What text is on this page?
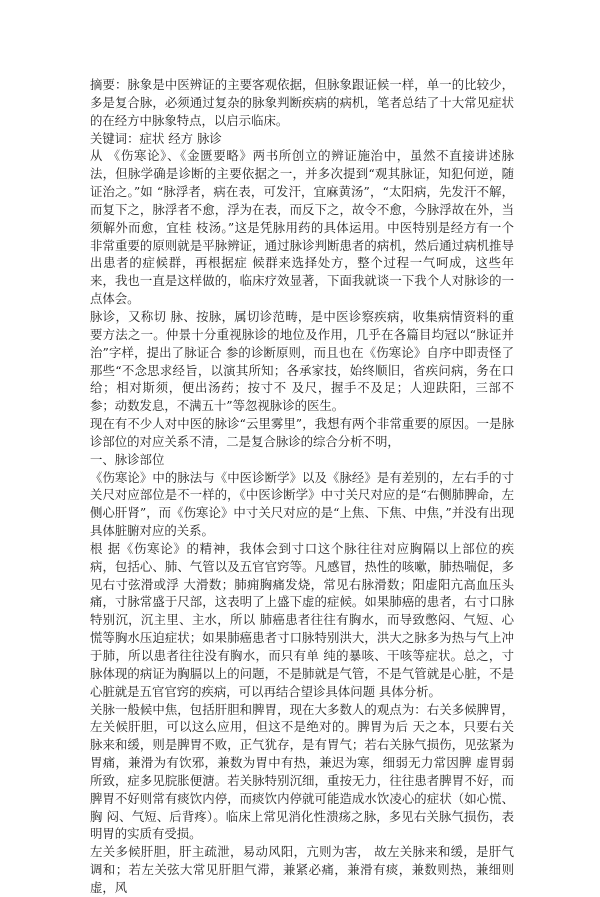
摘要：脉象是中医辨证的主要客观依据，但脉象跟证候一样，单一的比较少，多是复合脉，必须通过复杂的脉象判断疾病的病机，笔者总结了十大常见症状的在经方中脉象特点，以启示临床。

关键词：症状 经方 脉诊

从 《伤寒论》、《金匮要略》两书所创立的辨证施治中，虽然不直接讲述脉法，但脉学确是诊断的主要依据之一，并多次提到“观其脉证，知犯何逆，随证治之。”如 “脉浮者，病在表，可发汗，宜麻黄汤”，“太阳病，先发汗不解，而复下之，脉浮者不愈，浮为在表，而反下之，故令不愈，今脉浮故在外，当须解外而愈，宜桂 枝汤。”这是凭脉用药的具体运用。中医特别是经方有一个非常重要的原则就是平脉辨证，通过脉诊判断患者的病机，然后通过病机推导出患者的症候群，再根据症 候群来选择处方，整个过程一气呵成，这些年来，我也一直是这样做的，临床疗效显著，下面我就谈一下我个人对脉诊的一点体会。

脉诊，又称切 脉、按脉，属切诊范畴，是中医诊察疾病，收集病情资料的重要方法之一。仲景十分重视脉诊的地位及作用，几乎在各篇目均冠以“脉证并治”字样，提出了脉证合 参的诊断原则，而且也在《伤寒论》自序中即责怪了那些“不念思求经旨，以演其所知；各承家技，始终顺旧，省疾问病，务在口给；相对斯须，便出汤药；按寸不 及尺，握手不及足；人迎趺阳，三部不参；动数发息，不满五十”等忽视脉诊的医生。

现在有不少人对中医的脉诊“云里雾里”，我想有两个非常重要的原因。一是脉诊部位的对应关系不清，二是复合脉诊的综合分析不明，

一、脉诊部位

《伤寒论》中的脉法与《中医诊断学》以及《脉经》是有差别的，左右手的寸关尺对应部位是不一样的，《中医诊断学》中寸关尺对应的是“右侧肺脾命，左侧心肝肾”，而《伤寒论》中寸关尺对应的是“上焦、下焦、中焦，”并没有出现具体脏腑对应的关系。

根 据《伤寒论》的精神，我体会到寸口这个脉往往对应胸隔以上部位的疾病，包括心、肺、气管以及五官官窍等。凡感冒，热性的咳嗽，肺热喘促，多见右寸弦滑或浮 大滑数；肺痈胸痛发烧，常见右脉滑数；阳虚阳亢高血压头痛，寸脉常盛于尺部，这表明了上盛下虚的症候。如果肺癌的患者，右寸口脉特别沉，沉主里、主水，所以 肺癌患者往往有胸水，而导致憋闷、气短、心慌等胸水压迫症状；如果肺癌患者寸口脉特别洪大，洪大之脉多为热与气上冲于肺，所以患者往往没有胸水，而只有单 纯的暴咳、干咳等症状。总之，寸脉体现的病证为胸膈以上的问题，不是肺就是气管，不是气管就是心脏，不是心脏就是五官官窍的疾病，可以再结合望诊具体问题 具体分析。

关脉一般候中焦，包括肝胆和脾胃，现在大多数人的观点为：右关多候脾胃，左关候肝胆，可以这么应用，但这不是绝对的。脾胃为后 天之本，只要右关脉来和缓，则是脾胃不败，正气犹存，是有胃气；若右关脉气损伤，见弦紧为胃痛，兼滑为有饮邪，兼数为胃中有热，兼迟为寒，细弱无力常因脾 虚胃弱所致，症多见脘胀便溏。若关脉特别沉细，重按无力，往往患者脾胃不好，而脾胃不好则常有痰饮内停，而痰饮内停就可能造成水饮凌心的症状（如心慌、胸 闷、气短、后背疼）。临床上常见消化性溃疡之脉，多见右关脉气损伤，表明胃的实质有受损。

左关多候肝胆，肝主疏泄，易动风阳，亢则为害， 故左关脉来和缓，是肝气调和；若左关弦大常见肝胆气滞，兼紧必痛，兼滑有痰，兼数则热，兼细则虚，风
